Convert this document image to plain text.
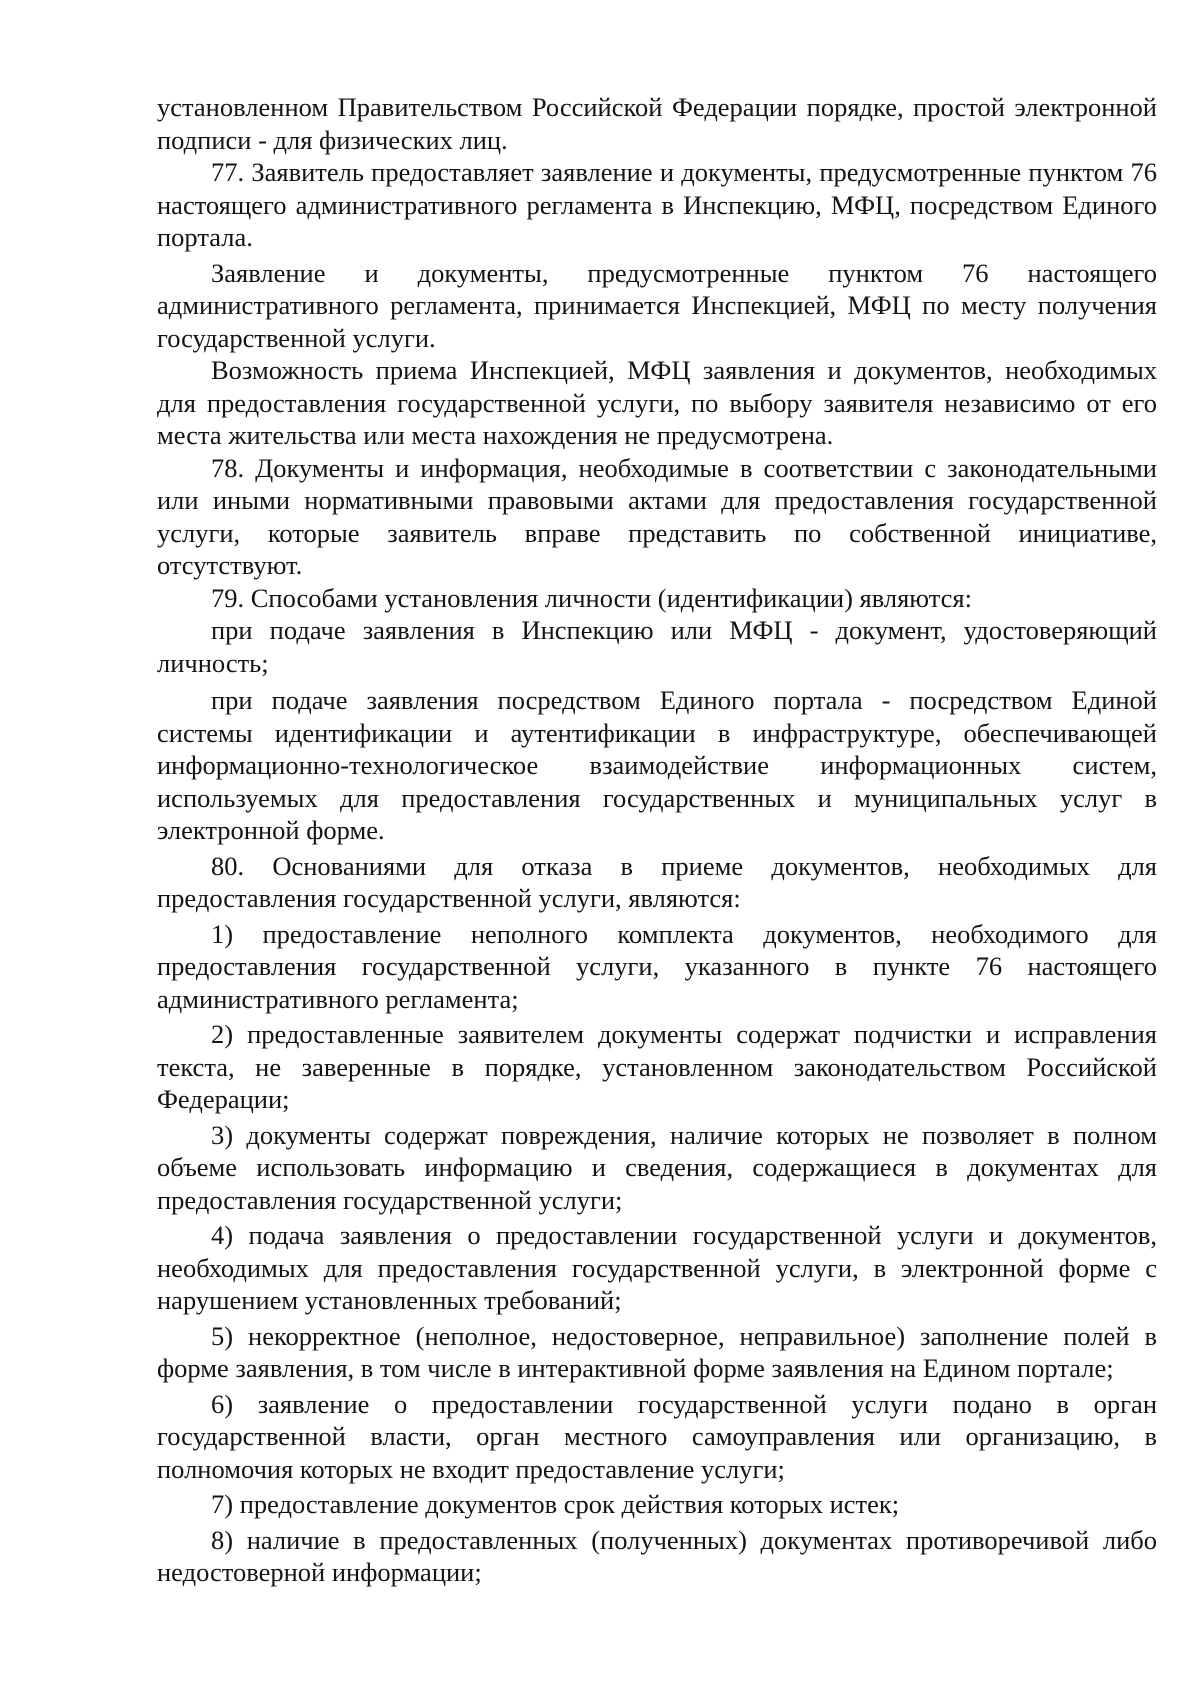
установленном Правительством Российской Федерации порядке, простой электронной подписи - для физических лиц.

77. Заявитель предоставляет заявление и документы, предусмотренные пунктом 76 настоящего административного регламента в Инспекцию, МФЦ, посредством Единого портала.

Заявление и документы, предусмотренные пунктом 76 настоящего административного регламента, принимается Инспекцией, МФЦ по месту получения государственной услуги.

Возможность приема Инспекцией, МФЦ заявления и документов, необходимых для предоставления государственной услуги, по выбору заявителя независимо от его места жительства или места нахождения не предусмотрена.

78. Документы и информация, необходимые в соответствии с законодательными или иными нормативными правовыми актами для предоставления государственной услуги, которые заявитель вправе представить по собственной инициативе, отсутствуют.

79. Способами установления личности (идентификации) являются:

при подаче заявления в Инспекцию или МФЦ - документ, удостоверяющий личность;

при подаче заявления посредством Единого портала - посредством Единой системы идентификации и аутентификации в инфраструктуре, обеспечивающей информационно-технологическое взаимодействие информационных систем, используемых для предоставления государственных и муниципальных услуг в электронной форме.

80. Основаниями для отказа в приеме документов, необходимых для предоставления государственной услуги, являются:

1) предоставление неполного комплекта документов, необходимого для предоставления государственной услуги, указанного в пункте 76 настоящего административного регламента;

2) предоставленные заявителем документы содержат подчистки и исправления текста, не заверенные в порядке, установленном законодательством Российской Федерации;

3) документы содержат повреждения, наличие которых не позволяет в полном объеме использовать информацию и сведения, содержащиеся в документах для предоставления государственной услуги;

4) подача заявления о предоставлении государственной услуги и документов, необходимых для предоставления государственной услуги, в электронной форме с нарушением установленных требований;

5) некорректное (неполное, недостоверное, неправильное) заполнение полей в форме заявления, в том числе в интерактивной форме заявления на Едином портале;

6) заявление о предоставлении государственной услуги подано в орган государственной власти, орган местного самоуправления или организацию, в полномочия которых не входит предоставление услуги;

7) предоставление документов срок действия которых истек;

8) наличие в предоставленных (полученных) документах противоречивой либо недостоверной информации;
